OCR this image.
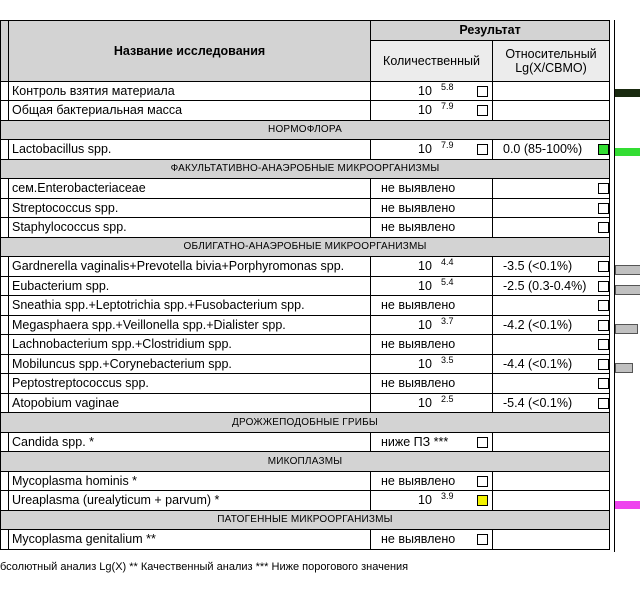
	Название исследования	Результат	
		Количественный	Относительный
Lg(X/СВМО)
	Контроль взятия материала	10 5.8	

	Общая бактериальная масса	10 7.9	

НОРМОФЛОРА			
	Lactobacillus spp.	10 7.9	0.0 (85-100%)

ФАКУЛЬТАТИВНО-АНАЭРОБНЫЕ МИКРООРГАНИЗМЫ			
	сем.Enterobacteriaceae	не выявлено	

	Streptococcus spp.	не выявлено	

	Staphylococcus spp.	не выявлено	

ОБЛИГАТНО-АНАЭРОБНЫЕ МИКРООРГАНИЗМЫ			
	Gardnerella vaginalis+Prevotella bivia+Porphyromonas spp.	10 4.4	-3.5 (<0.1%)

	Eubacterium spp.	10 5.4	-2.5 (0.3-0.4%)

	Sneathia spp.+Leptotrichia spp.+Fusobacterium spp.	не выявлено	

	Megasphaera spp.+Veillonella spp.+Dialister spp.	10 3.7	-4.2 (<0.1%)

	Lachnobacterium spp.+Clostridium spp.	не выявлено	

	Mobiluncus spp.+Corynebacterium spp.	10 3.5	-4.4 (<0.1%)

	Peptostreptococcus spp.	не выявлено	

	Atopobium vaginae	10 2.5	-5.4 (<0.1%)

ДРОЖЖЕПОДОБНЫЕ ГРИБЫ			
	Candida spp. *	ниже ПЗ ***	

МИКОПЛАЗМЫ			
	Mycoplasma hominis *	не выявлено	

	Ureaplasma (urealyticum + parvum) *	10 3.9	

ПАТОГЕННЫЕ МИКРООРГАНИЗМЫ			
	Mycoplasma genitalium **	не выявлено	

бсолютный анализ Lg(X) ** Качественный анализ *** Ниже порогового значения
